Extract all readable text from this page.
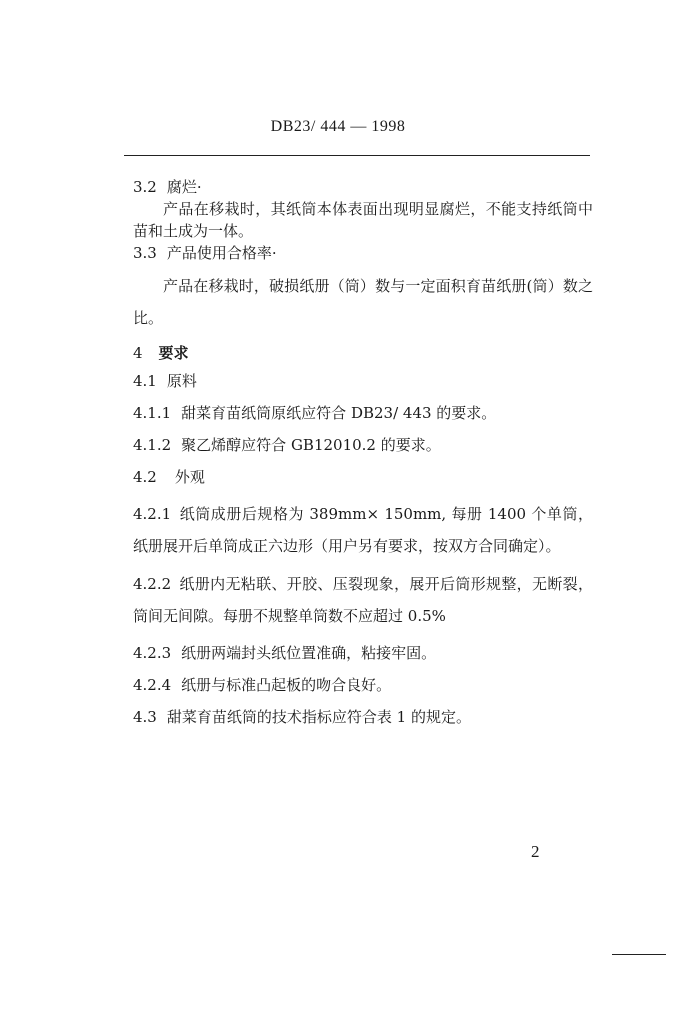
DB23/ 444 — 1998

3.2 腐烂·

产品在移栽时，其纸筒本体表面出现明显腐烂，不能支持纸筒中苗和土成为一体。

3.3 产品使用合格率·

产品在移栽时，破损纸册（筒）数与一定面积育苗纸册(筒）数之比。

4 要求

4.1 原料

4.1.1 甜菜育苗纸筒原纸应符合 DB23/ 443 的要求。

4.1.2 聚乙烯醇应符合 GB12010.2 的要求。

4.2 外观

4.2.1 纸筒成册后规格为 389mm× 150mm, 每册 1400 个单筒，纸册展开后单筒成正六边形（用户另有要求，按双方合同确定）。

4.2.2 纸册内无粘联、开胶、压裂现象，展开后筒形规整，无断裂，筒间无间隙。每册不规整单筒数不应超过 0.5%

4.2.3 纸册两端封头纸位置准确，粘接牢固。

4.2.4 纸册与标准凸起板的吻合良好。

4.3 甜菜育苗纸筒的技术指标应符合表 1 的规定。

2
